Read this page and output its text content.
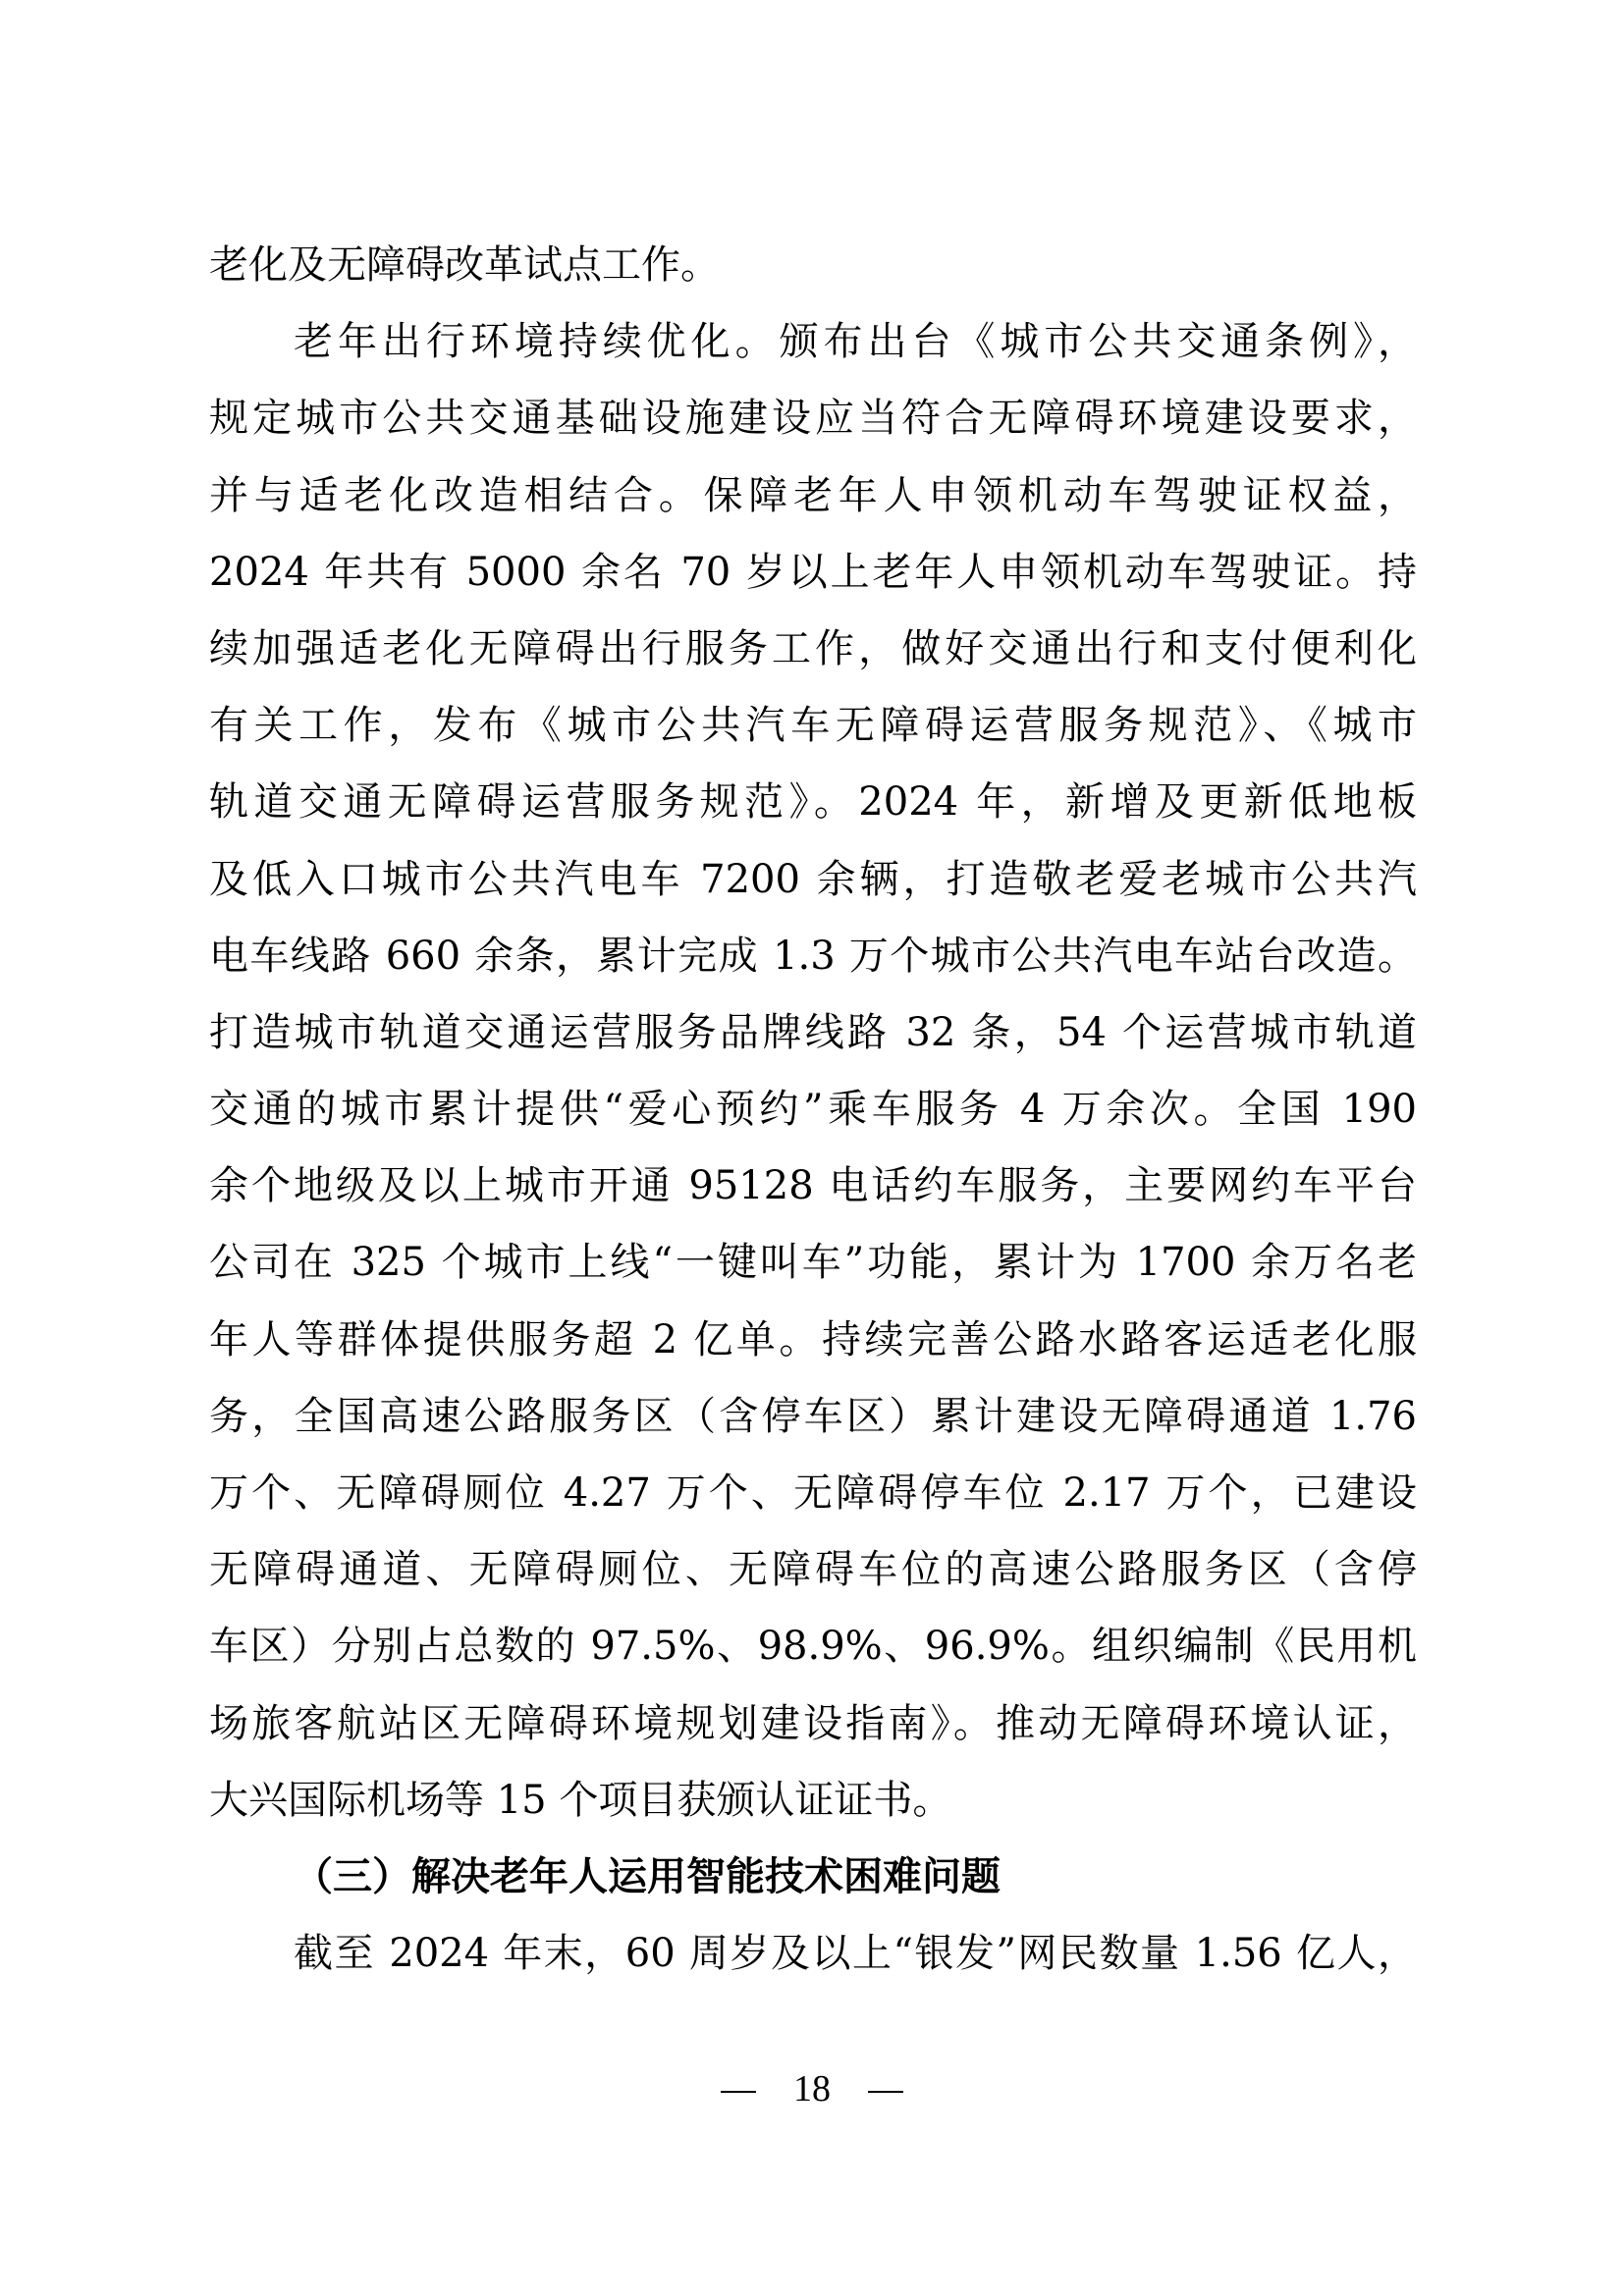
老化及无障碍改革试点工作。
老年出行环境持续优化。颁布出台《城市公共交通条例》，
规定城市公共交通基础设施建设应当符合无障碍环境建设要求，
并与适老化改造相结合。保障老年人申领机动车驾驶证权益，
2024 年共有 5000 余名 70 岁以上老年人申领机动车驾驶证。持
续加强适老化无障碍出行服务工作，做好交通出行和支付便利化
有关工作，发布《城市公共汽车无障碍运营服务规范》、《城市
轨道交通无障碍运营服务规范》。2024 年，新增及更新低地板
及低入口城市公共汽电车 7200 余辆，打造敬老爱老城市公共汽
电车线路 660 余条，累计完成 1.3 万个城市公共汽电车站台改造。
打造城市轨道交通运营服务品牌线路 32 条，54 个运营城市轨道
交通的城市累计提供“爱心预约”乘车服务 4 万余次。全国 190
余个地级及以上城市开通 95128 电话约车服务，主要网约车平台
公司在 325 个城市上线“一键叫车”功能，累计为 1700 余万名老
年人等群体提供服务超 2 亿单。持续完善公路水路客运适老化服
务，全国高速公路服务区（含停车区）累计建设无障碍通道 1.76
万个、无障碍厕位 4.27 万个、无障碍停车位 2.17 万个，已建设
无障碍通道、无障碍厕位、无障碍车位的高速公路服务区（含停
车区）分别占总数的 97.5%、98.9%、96.9%。组织编制《民用机
场旅客航站区无障碍环境规划建设指南》。推动无障碍环境认证，
大兴国际机场等 15 个项目获颁认证证书。
（三）解决老年人运用智能技术困难问题
截至 2024 年末，60 周岁及以上“银发”网民数量 1.56 亿人，
18
